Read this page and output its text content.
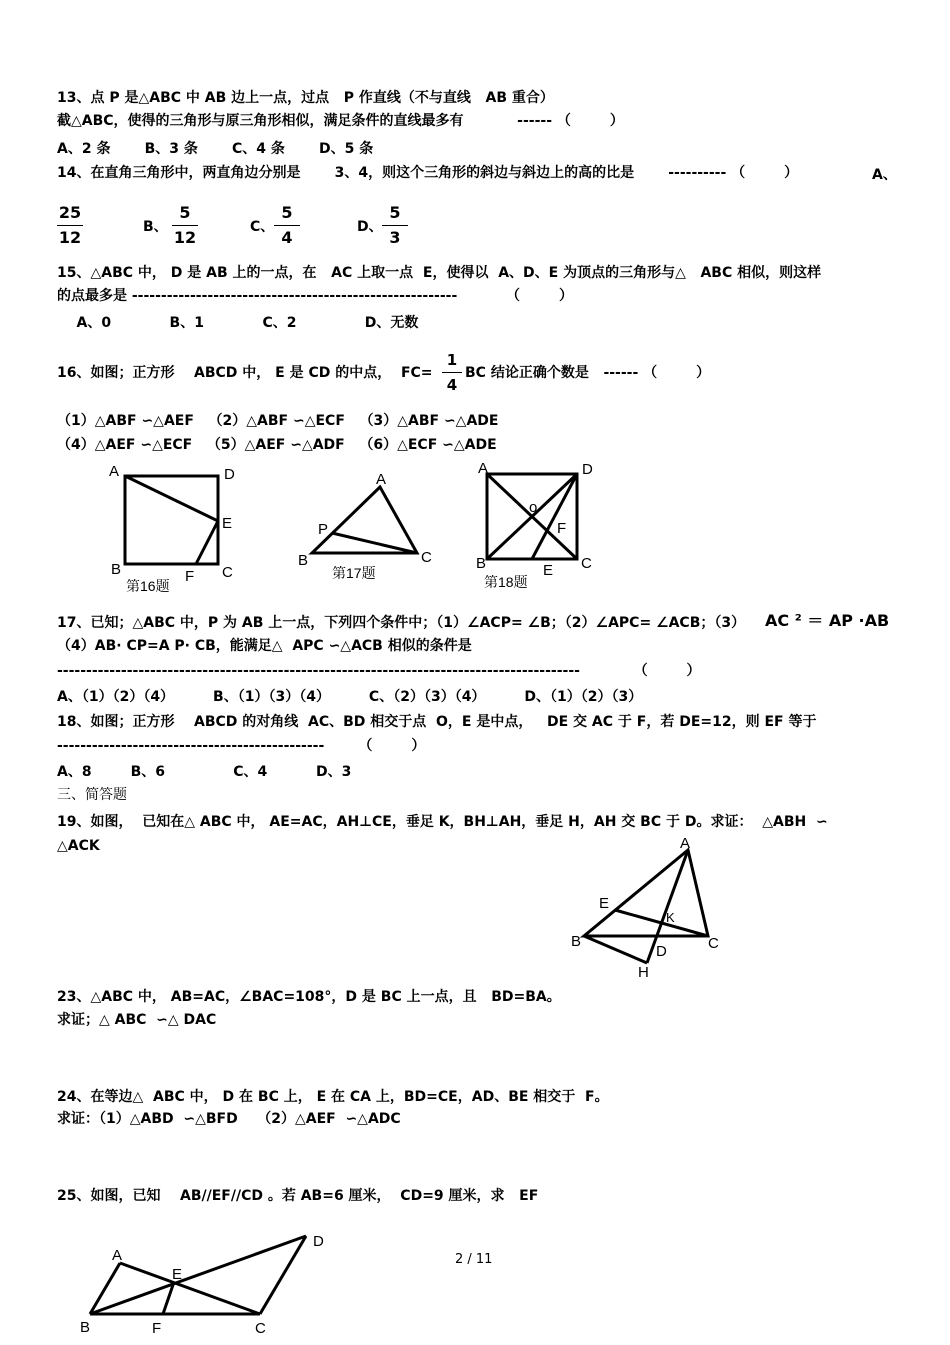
13、点 P 是△ABC 中 AB 边上一点，过点   P 作直线（不与直线   AB 重合）
截△ABC，使得的三角形与原三角形相似，满足条件的直线最多有           ------ （        ）
A、2 条       B、3 条       C、4 条       D、5 条
14、在直角三角形中，两直角边分别是       3、4，则这个三角形的斜边与斜边上的高的比是       ---------- （        ）	A、
25
12
B、
5
12
C、
5
4
D、
5
3
15、△ABC 中， D 是 AB 上的一点，在   AC 上取一点  E，使得以  A、D、E 为顶点的三角形与△   ABC 相似，则这样
的点最多是 --------------------------------------------------------          （        ）
A、0            B、1            C、2              D、无数
16、如图；正方形    ABCD 中， E 是 CD 的中点，  FC=
1
4
BC 结论正确个数是   ------ （        ）
（1）△ABF ∽△AEF   （2）△ABF ∽△ECF   （3）△ABF ∽△ADE
（4）△AEF ∽△ECF   （5）△AEF ∽△ADF   （6）△ECF ∽△ADE
A	D
E
B	F C
第16题
A
P
B	C
第17题
A	D
o
F
B	E C
第18题
17、已知；△ABC 中，P 为 AB 上一点，下列四个条件中；（1）∠ACP= ∠B；（2）∠APC= ∠ACB；（3） AC ² ＝ AP ·AB
（4）AB· CP=A P· CB，能满足△  APC ∽△ACB 相似的条件是
------------------------------------------------------------------------------------------           （        ）
A、（1）（2）（4）        B、（1）（3）（4）        C、（2）（3）（4）        D、（1）（2）（3）
18、如图；正方形    ABCD 的对角线  AC、BD 相交于点  O，E 是中点，   DE 交 AC 于 F，若 DE=12，则 EF 等于
----------------------------------------------       （        ）
A、8        B、6              C、4          D、3
三、简答题
19、如图，  已知在△ ABC 中， AE=AC，AH⊥CE，垂足 K，BH⊥AH，垂足 H，AH 交 BC 于 D。求证：  △ABH  ∽
△ACK	A
E
K
B	C
D
H
23、△ABC 中， AB=AC，∠BAC=108°，D 是 BC 上一点，且   BD=BA。
求证；△ ABC  ∽△ DAC
24、在等边△  ABC 中， D 在 BC 上， E 在 CA 上，BD=CE，AD、BE 相交于  F。
求证：（1）△ABD  ∽△BFD    （2）△AEF  ∽△ADC
25、如图，已知    AB//EF//CD 。若 AB=6 厘米，  CD=9 厘米，求   EF
A
E
D
B	F	C
2 / 11
